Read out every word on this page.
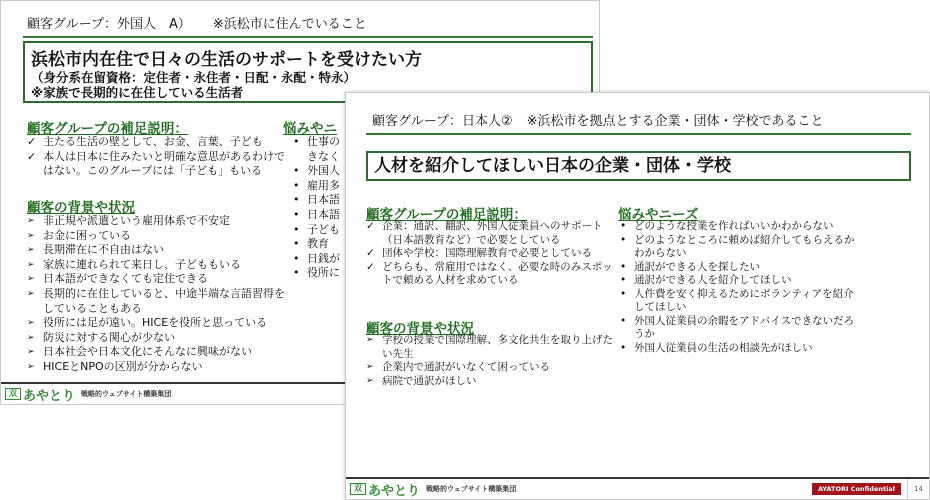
顧客グループ：外国人　A） ※浜松市に住んでいること
浜松市内在住で日々の生活のサポートを受けたい方
（身分系在留資格：定住者・永住者・日配・永配・特永）
※家族で長期的に在住している生活者
顧客グループの補足説明：
✓ 主たる生活の壁として、お金、言葉、子ども
✓ 本人は日本に住みたいと明確な意思があるわけではない。このグループには「子ども」もいる
顧客の背景や状況
➢ 非正規や派遣という雇用体系で不安定
➢ お金に困っている
➢ 長期滞在に不自由はない
➢ 家族に連れられて来日し、子どももいる
➢ 日本語ができなくても定住できる
➢ 長期的に在住していると、中途半端な言語習得をしていることもある
➢ 役所には足が遠い。HICEを役所と思っている
➢ 防災に対する関心が少ない
➢ 日本社会や日本文化にそんなに興味がない
➢ HICEとNPOの区別が分からない
悩みやニ
• 仕事の
きなく
• 外国人
• 雇用多
• 日本語
• 日本語
• 子ども
• 教育
• 日銭が
• 役所に
双 あやとり 戦略的ウェブサイト構築集団
顧客グループ：日本人② ※浜松市を拠点とする企業・団体・学校であること
人材を紹介してほしい日本の企業・団体・学校
顧客グループの補足説明：
✓ 企業：通訳、翻訳、外国人従業員へのサポート（日本語教育など）で必要としている
✓ 団体や学校：国際理解教育で必要としている
✓ どちらも、常雇用ではなく、必要な時のみスポットで頼める人材を求めている
顧客の背景や状況
➢ 学校の授業で国際理解、多文化共生を取り上げたい先生
➢ 企業内で通訳がいなくて困っている
➢ 病院で通訳がほしい
悩みやニーズ
• どのような授業を作ればいいかわからない
• どのようなところに頼めば紹介してもらえるかわからない
• 通訳ができる人を探したい
• 通訳ができる人を紹介してほしい
• 人件費を安く抑えるためにボランティアを紹介してほしい
• 外国人従業員の余暇をアドバイスできないだろうか
• 外国人従業員の生活の相談先がほしい
双 あやとり 戦略的ウェブサイト構築集団	AYATORI Confidential	14
